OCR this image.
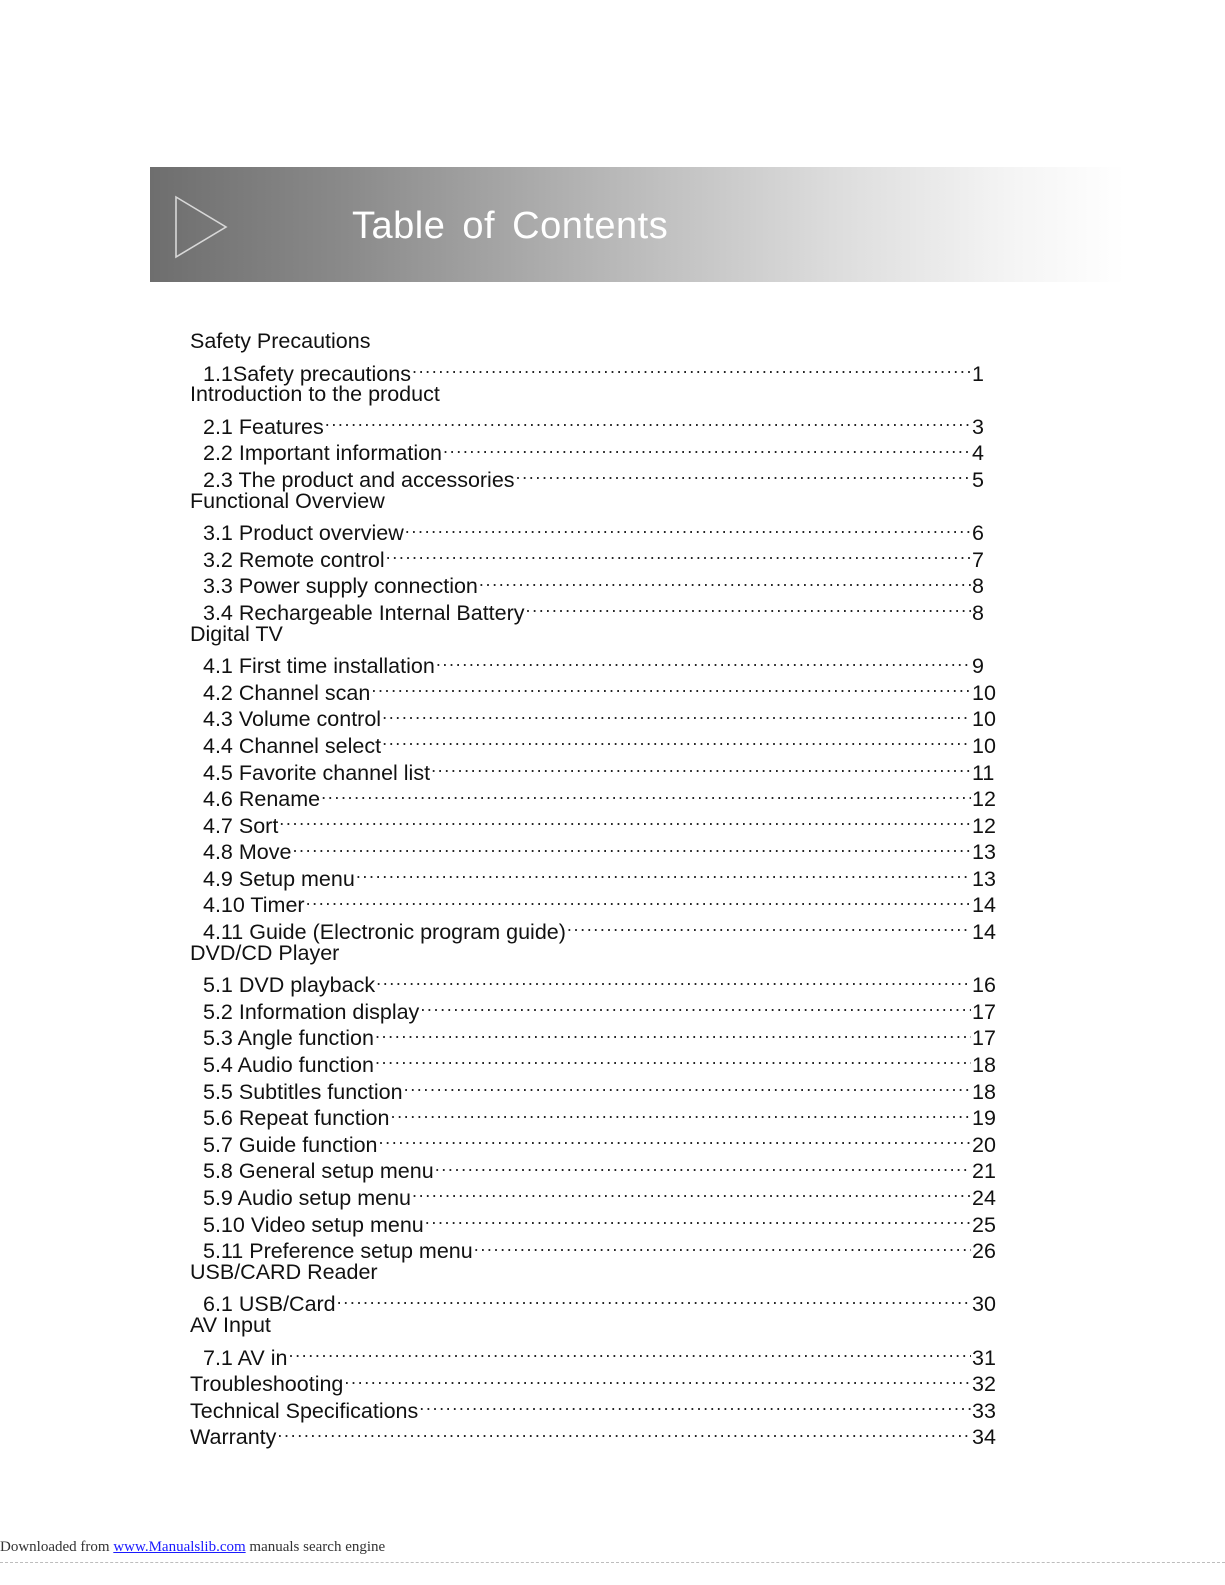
Table of Contents
Safety Precautions
1.1Safety precautions .....	1
Introduction to the product
2.1 Features .....	3
2.2 Important information .....	4
2.3 The product and accessories .....	5
Functional Overview
3.1 Product overview .....	6
3.2 Remote control .....	7
3.3 Power supply connection .....	8
3.4 Rechargeable Internal Battery .....	8
Digital TV
4.1 First time installation .....	9
4.2 Channel scan .....	10
4.3 Volume control .....	10
4.4 Channel select .....	10
4.5 Favorite channel list .....	11
4.6 Rename .....	12
4.7 Sort .....	12
4.8 Move .....	13
4.9 Setup menu .....	13
4.10 Timer .....	14
4.11 Guide (Electronic program guide) .....	14
DVD/CD Player
5.1 DVD playback .....	16
5.2 Information display .....	17
5.3 Angle function .....	17
5.4 Audio function .....	18
5.5 Subtitles function .....	18
5.6 Repeat function .....	19
5.7 Guide function .....	20
5.8 General setup menu .....	21
5.9 Audio setup menu .....	24
5.10 Video setup menu .....	25
5.11 Preference setup menu .....	26
USB/CARD Reader
6.1 USB/Card .....	30
AV Input
7.1 AV in .....	31
Troubleshooting .....	32
Technical Specifications .....	33
Warranty .....	34
Downloaded from www.Manualslib.com manuals search engine
